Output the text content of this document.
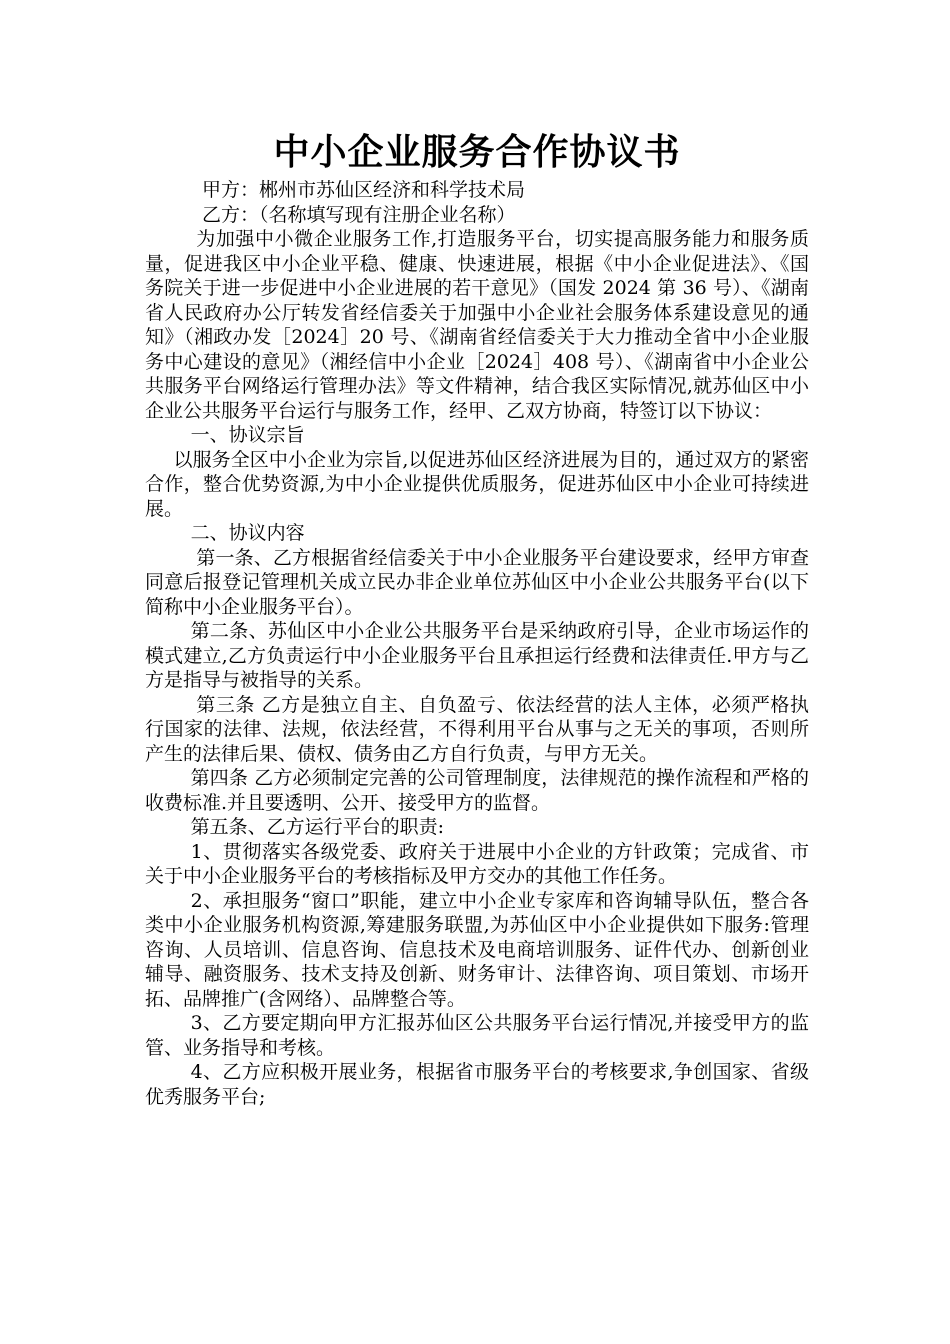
中小企业服务合作协议书

甲方：郴州市苏仙区经济和科学技术局

乙方：（名称填写现有注册企业名称）

为加强中小微企业服务工作,打造服务平台，切实提高服务能力和服务质量，促进我区中小企业平稳、健康、快速进展，根据《中小企业促进法》、《国务院关于进一步促进中小企业进展的若干意见》（国发 2024 第 36 号）、《湖南省人民政府办公厅转发省经信委关于加强中小企业社会服务体系建设意见的通知》（湘政办发［2024］20 号、《湖南省经信委关于大力推动全省中小企业服务中心建设的意见》（湘经信中小企业［2024］408 号）、《湖南省中小企业公共服务平台网络运行管理办法》等文件精神，结合我区实际情况,就苏仙区中小企业公共服务平台运行与服务工作，经甲、乙双方协商，特签订以下协议：

一、协议宗旨

以服务全区中小企业为宗旨,以促进苏仙区经济进展为目的，通过双方的紧密合作，整合优势资源,为中小企业提供优质服务，促进苏仙区中小企业可持续进展。

二、协议内容

第一条、乙方根据省经信委关于中小企业服务平台建设要求，经甲方审查同意后报登记管理机关成立民办非企业单位苏仙区中小企业公共服务平台(以下简称中小企业服务平台）。

第二条、苏仙区中小企业公共服务平台是采纳政府引导，企业市场运作的模式建立,乙方负责运行中小企业服务平台且承担运行经费和法律责任.甲方与乙方是指导与被指导的关系。

第三条 乙方是独立自主、自负盈亏、依法经营的法人主体，必须严格执行国家的法律、法规，依法经营，不得利用平台从事与之无关的事项，否则所产生的法律后果、债权、债务由乙方自行负责，与甲方无关。

第四条 乙方必须制定完善的公司管理制度，法律规范的操作流程和严格的收费标准.并且要透明、公开、接受甲方的监督。

第五条、乙方运行平台的职责:

1、贯彻落实各级党委、政府关于进展中小企业的方针政策；完成省、市关于中小企业服务平台的考核指标及甲方交办的其他工作任务。

2、承担服务“窗口”职能，建立中小企业专家库和咨询辅导队伍，整合各类中小企业服务机构资源,筹建服务联盟,为苏仙区中小企业提供如下服务:管理咨询、人员培训、信息咨询、信息技术及电商培训服务、证件代办、创新创业辅导、融资服务、技术支持及创新、财务审计、法律咨询、项目策划、市场开拓、品牌推广(含网络）、品牌整合等。

3、乙方要定期向甲方汇报苏仙区公共服务平台运行情况,并接受甲方的监管、业务指导和考核。

4、乙方应积极开展业务，根据省市服务平台的考核要求,争创国家、省级优秀服务平台;
